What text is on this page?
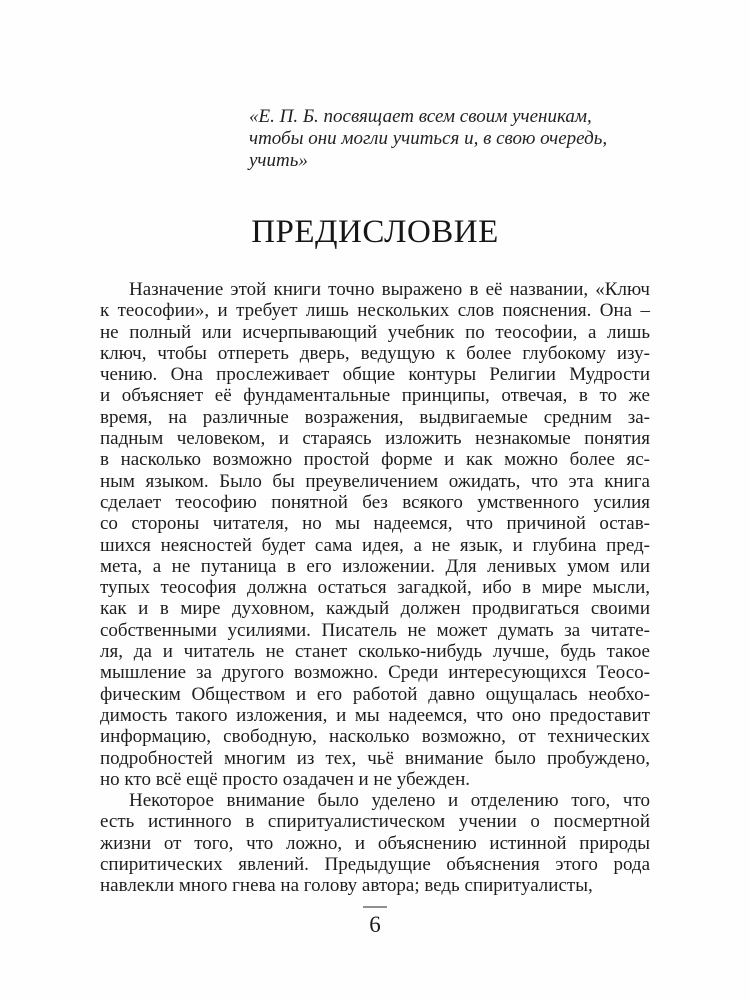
«Е. П. Б. посвящает всем своим ученикам,
чтобы они могли учиться и, в свою очередь,
учить»
ПРЕДИСЛОВИЕ
Назначение этой книги точно выражено в её названии, «Ключ
к теософии», и требует лишь нескольких слов пояснения. Она –
не полный или исчерпывающий учебник по теософии, а лишь
ключ, чтобы отпереть дверь, ведущую к более глубокому изу-
чению. Она прослеживает общие контуры Религии Мудрости
и объясняет её фундаментальные принципы, отвечая, в то же
время, на различные возражения, выдвигаемые средним за-
падным человеком, и стараясь изложить незнакомые понятия
в насколько возможно простой форме и как можно более яс-
ным языком. Было бы преувеличением ожидать, что эта книга
сделает теософию понятной без всякого умственного усилия
со стороны читателя, но мы надеемся, что причиной остав-
шихся неясностей будет сама идея, а не язык, и глубина пред-
мета, а не путаница в его изложении. Для ленивых умом или
тупых теософия должна остаться загадкой, ибо в мире мысли,
как и в мире духовном, каждый должен продвигаться своими
собственными усилиями. Писатель не может думать за читате-
ля, да и читатель не станет сколько-нибудь лучше, будь такое
мышление за другого возможно. Среди интересующихся Теосо-
фическим Обществом и его работой давно ощущалась необхо-
димость такого изложения, и мы надеемся, что оно предоставит
информацию, свободную, насколько возможно, от технических
подробностей многим из тех, чьё внимание было пробуждено,
но кто всё ещё просто озадачен и не убежден.
Некоторое внимание было уделено и отделению того, что
есть истинного в спиритуалистическом учении о посмертной
жизни от того, что ложно, и объяснению истинной природы
спиритических явлений. Предыдущие объяснения этого рода
навлекли много гнева на голову автора; ведь спиритуалисты,
6
